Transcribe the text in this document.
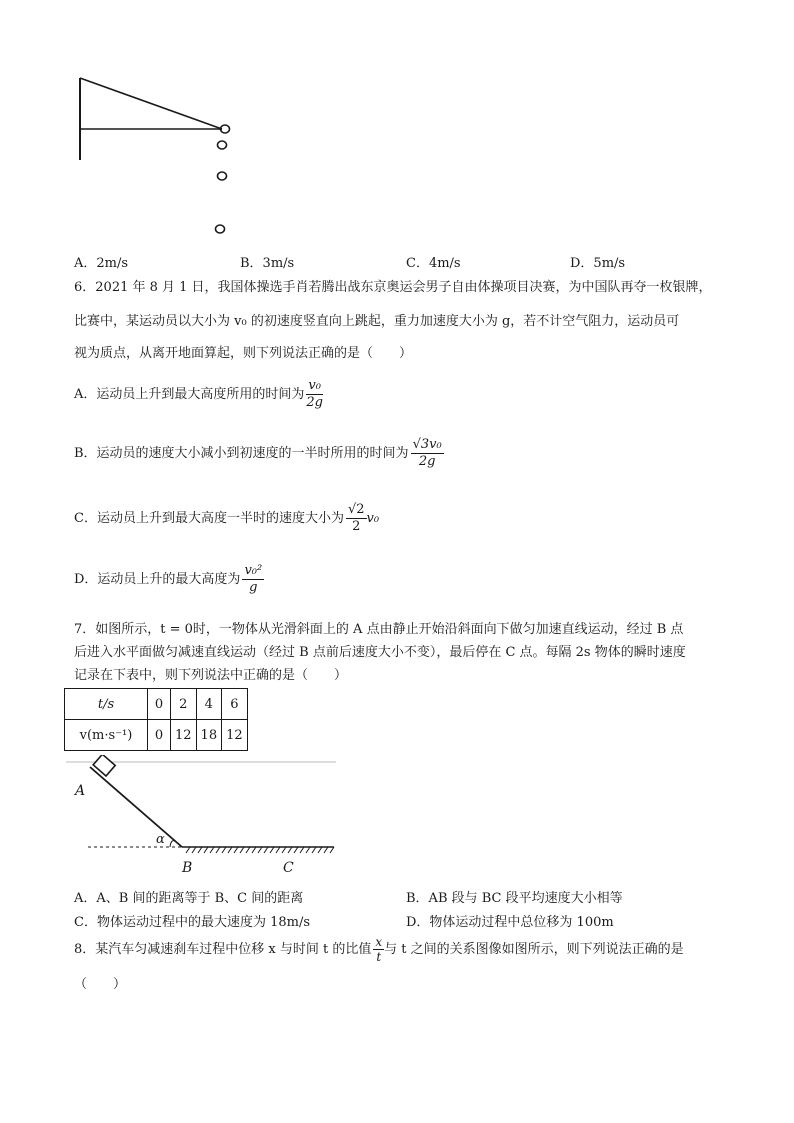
A．2m/s	B．3m/s	C．4m/s	D．5m/s
6．2021 年 8 月 1 日，我国体操选手肖若腾出战东京奥运会男子自由体操项目决赛，为中国队再夺一枚银牌，
比赛中，某运动员以大小为 v₀ 的初速度竖直向上跳起，重力加速度大小为 g，若不计空气阻力，运动员可
视为质点，从离开地面算起，则下列说法正确的是（　　）
A．运动员上升到最大高度所用的时间为 $\frac{\text{v₀}}{2g}$
B．运动员的速度大小减小到初速度的一半时所用的时间为 $\frac{\text{√3v₀}}{2g}$
C．运动员上升到最大高度一半时的速度大小为 $\frac{√2}{2} v_0$
D．运动员上升的最大高度为 $\frac{\text{v₀²}}{g}$
7．如图所示，t = 0时，一物体从光滑斜面上的 A 点由静止开始沿斜面向下做匀加速直线运动，经过 B 点
后进入水平面做匀减速直线运动（经过 B 点前后速度大小不变），最后停在 C 点。每隔 2s 物体的瞬时速度
记录在下表中，则下列说法中正确的是（　　）
t/s	0	2	4	6
v(m·s⁻¹)	0	12	18	12
A
α
B	C
A．A、B 间的距离等于 B、C 间的距离	B．AB 段与 BC 段平均速度大小相等
C．物体运动过程中的最大速度为 18m/s	D．物体运动过程中总位移为 100m
8．某汽车匀减速刹车过程中位移 x 与时间 t 的比值 $\frac{x}{t}$ 与 t 之间的关系图像如图所示，则下列说法正确的是
（　　）
